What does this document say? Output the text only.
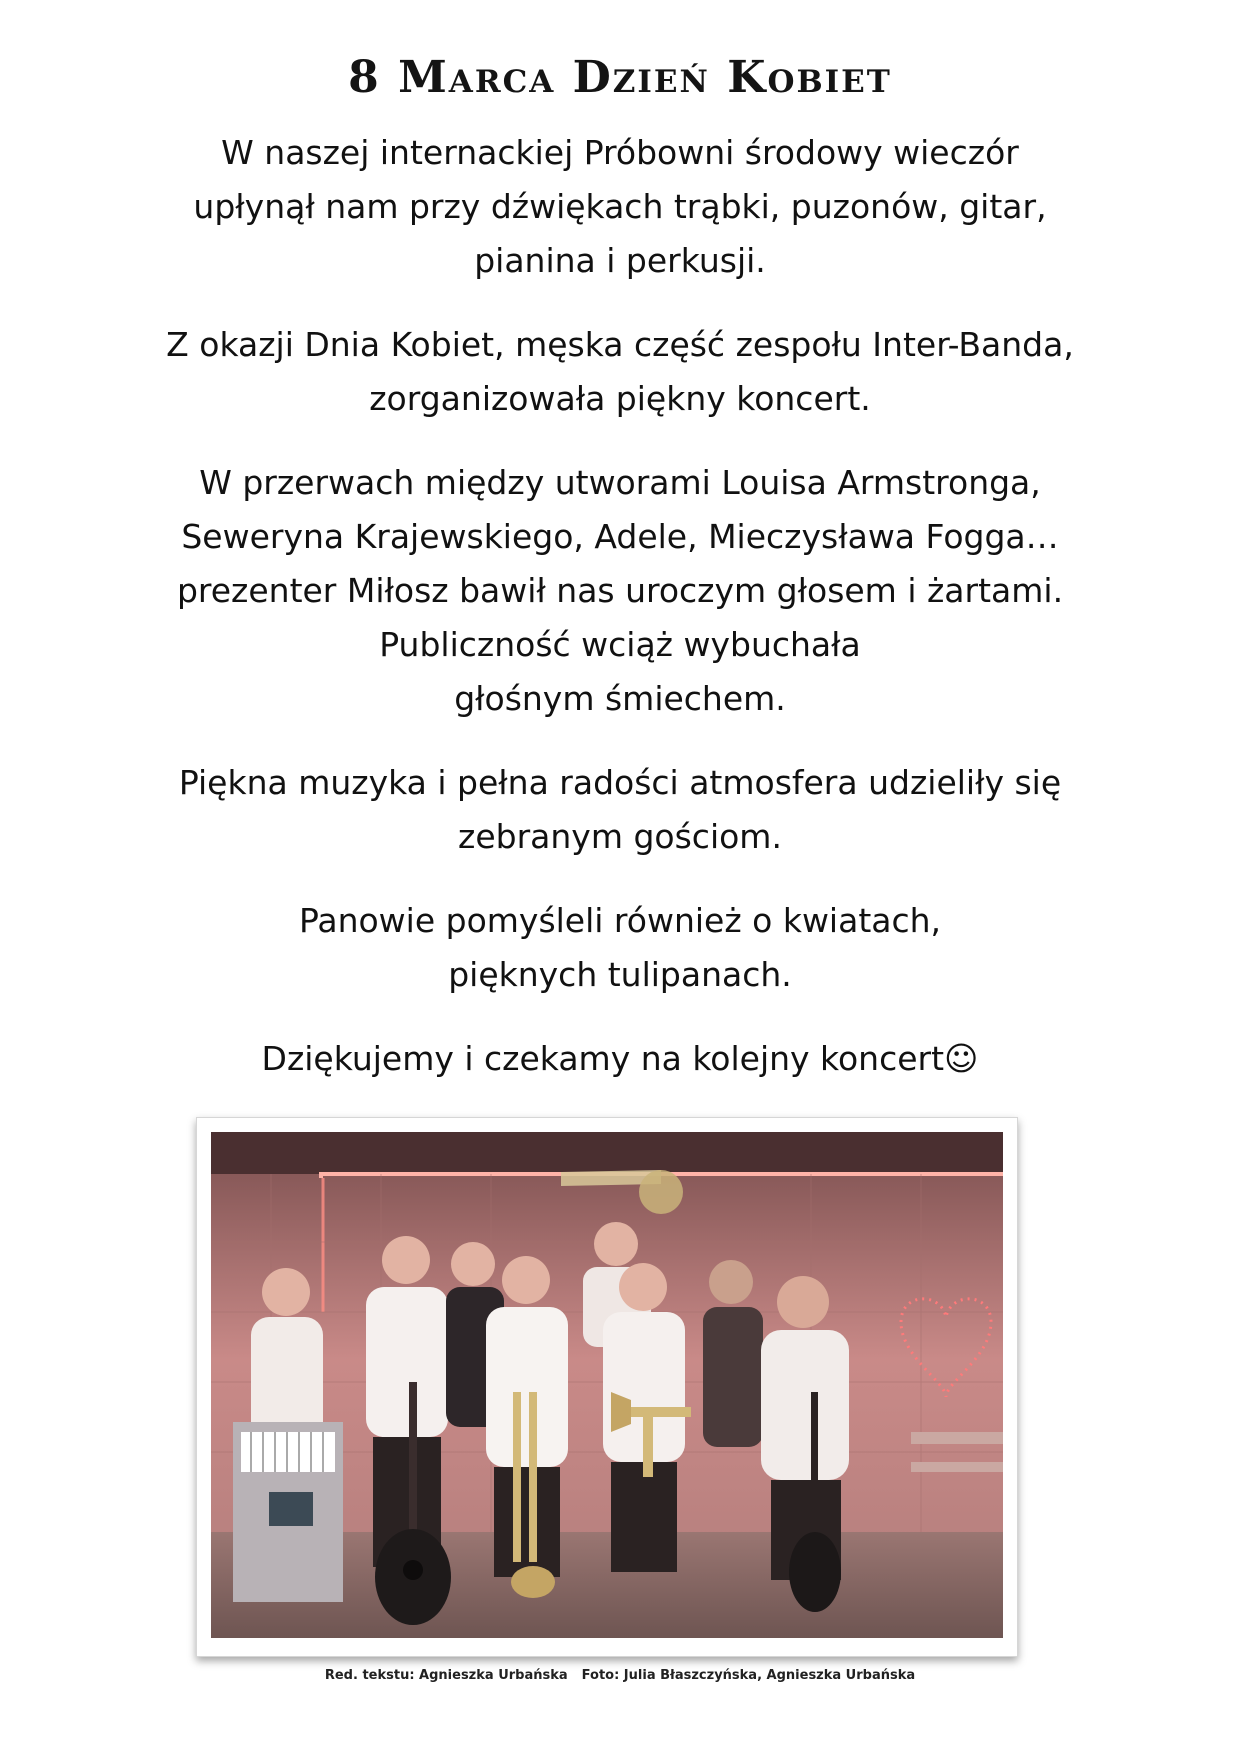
8 Marca Dzień Kobiet

W naszej internackiej Próbowni środowy wieczór
upłynął nam przy dźwiękach trąbki, puzonów, gitar,
pianina i perkusji.

Z okazji Dnia Kobiet, męska część zespołu Inter-Banda,
zorganizowała piękny koncert.

W przerwach między utworami Louisa Armstronga,
Seweryna Krajewskiego, Adele, Mieczysława Fogga…
prezenter Miłosz bawił nas uroczym głosem i żartami.
Publiczność wciąż wybuchała
głośnym śmiechem.

Piękna muzyka i pełna radości atmosfera udzieliły się
zebranym gościom.

Panowie pomyśleli również o kwiatach,
pięknych tulipanach.

Dziękujemy i czekamy na kolejny koncert☺

Red. tekstu: Agnieszka Urbańska Foto: Julia Błaszczyńska, Agnieszka Urbańska
